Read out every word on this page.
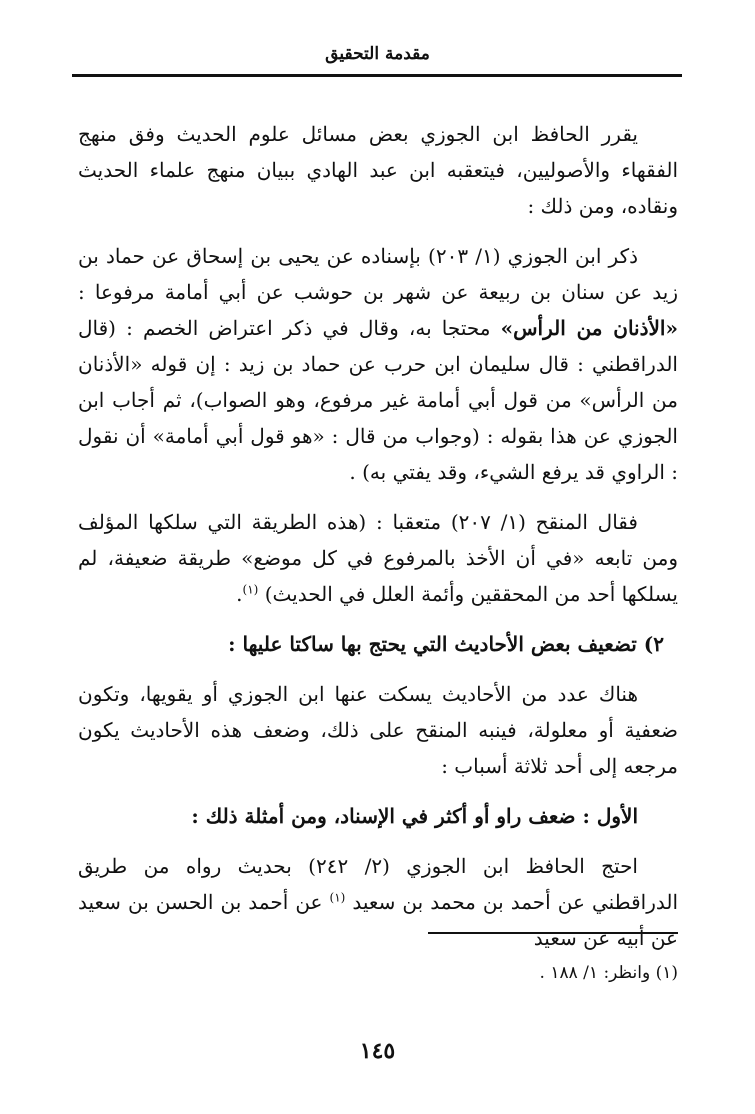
مقدمة التحقيق

يقرر الحافظ ابن الجوزي بعض مسائل علوم الحديث وفق منهج الفقهاء والأصوليين، فيتعقبه ابن عبد الهادي ببيان منهج علماء الحديث ونقاده، ومن ذلك :

ذكر ابن الجوزي (١/ ٢٠٣) بإسناده عن يحيى بن إسحاق عن حماد بن زيد عن سنان بن ربيعة عن شهر بن حوشب عن أبي أمامة مرفوعا : «الأذنان من الرأس» محتجا به، وقال في ذكر اعتراض الخصم : (قال الدراقطني : قال سليمان ابن حرب عن حماد بن زيد : إن قوله «الأذنان من الرأس» من قول أبي أمامة غير مرفوع، وهو الصواب)، ثم أجاب ابن الجوزي عن هذا بقوله : (وجواب من قال : «هو قول أبي أمامة» أن نقول : الراوي قد يرفع الشيء، وقد يفتي به) .

فقال المنقح (١/ ٢٠٧) متعقبا : (هذه الطريقة التي سلكها المؤلف ومن تابعه «في أن الأخذ بالمرفوع في كل موضع» طريقة ضعيفة، لم يسلكها أحد من المحققين وأئمة العلل في الحديث) $^{(١)}$.

٢) تضعيف بعض الأحاديث التي يحتج بها ساكتا عليها :

هناك عدد من الأحاديث يسكت عنها ابن الجوزي أو يقويها، وتكون ضعفية أو معلولة، فينبه المنقح على ذلك، وضعف هذه الأحاديث يكون مرجعه إلى أحد ثلاثة أسباب :

الأول : ضعف راو أو أكثر في الإسناد، ومن أمثلة ذلك :

احتج الحافظ ابن الجوزي (٢/ ٢٤٢) بحديث رواه من طريق الدراقطني عن أحمد بن محمد بن سعيد $^{(١)}$ عن أحمد بن الحسن بن سعيد عن أبيه عن سعيد

(١) وانظر: ١/ ١٨٨ .
١٤٥
